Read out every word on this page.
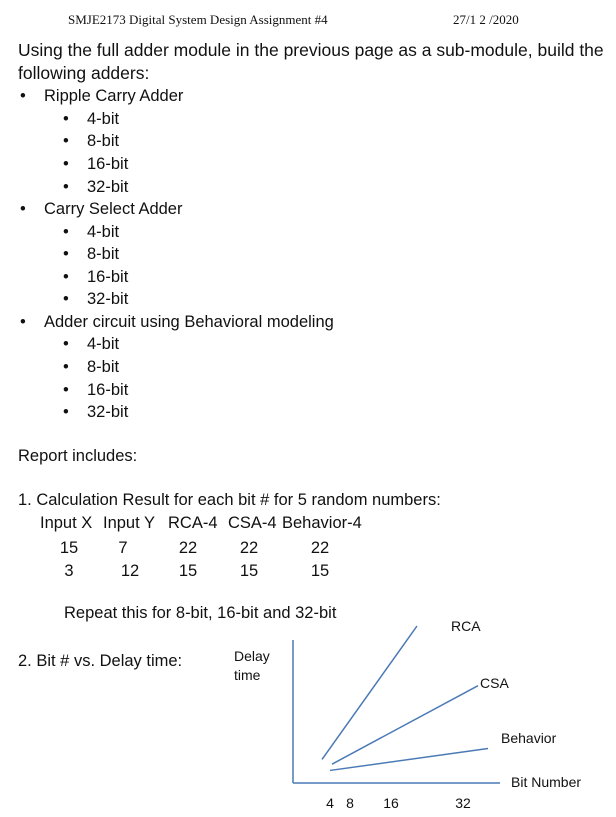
SMJE2173 Digital System Design Assignment #4	27/1 2 /2020
Using the full adder module in the previous page as a sub-module, build the following adders:
• Ripple Carry Adder
• 4-bit
• 8-bit
• 16-bit
• 32-bit
• Carry Select Adder
• 4-bit
• 8-bit
• 16-bit
• 32-bit
• Adder circuit using Behavioral modeling
• 4-bit
• 8-bit
• 16-bit
• 32-bit
Report includes:
1. Calculation Result for each bit # for 5 random numbers:
Input X Input Y RCA-4 CSA-4 Behavior-4
15	7	22	22	22
3	12	15	15	15
Repeat this for 8-bit, 16-bit and 32-bit
2. Bit # vs. Delay time:	Delay
time
Bit Number
4 8 16	32
RCA
CSA
Behavior
